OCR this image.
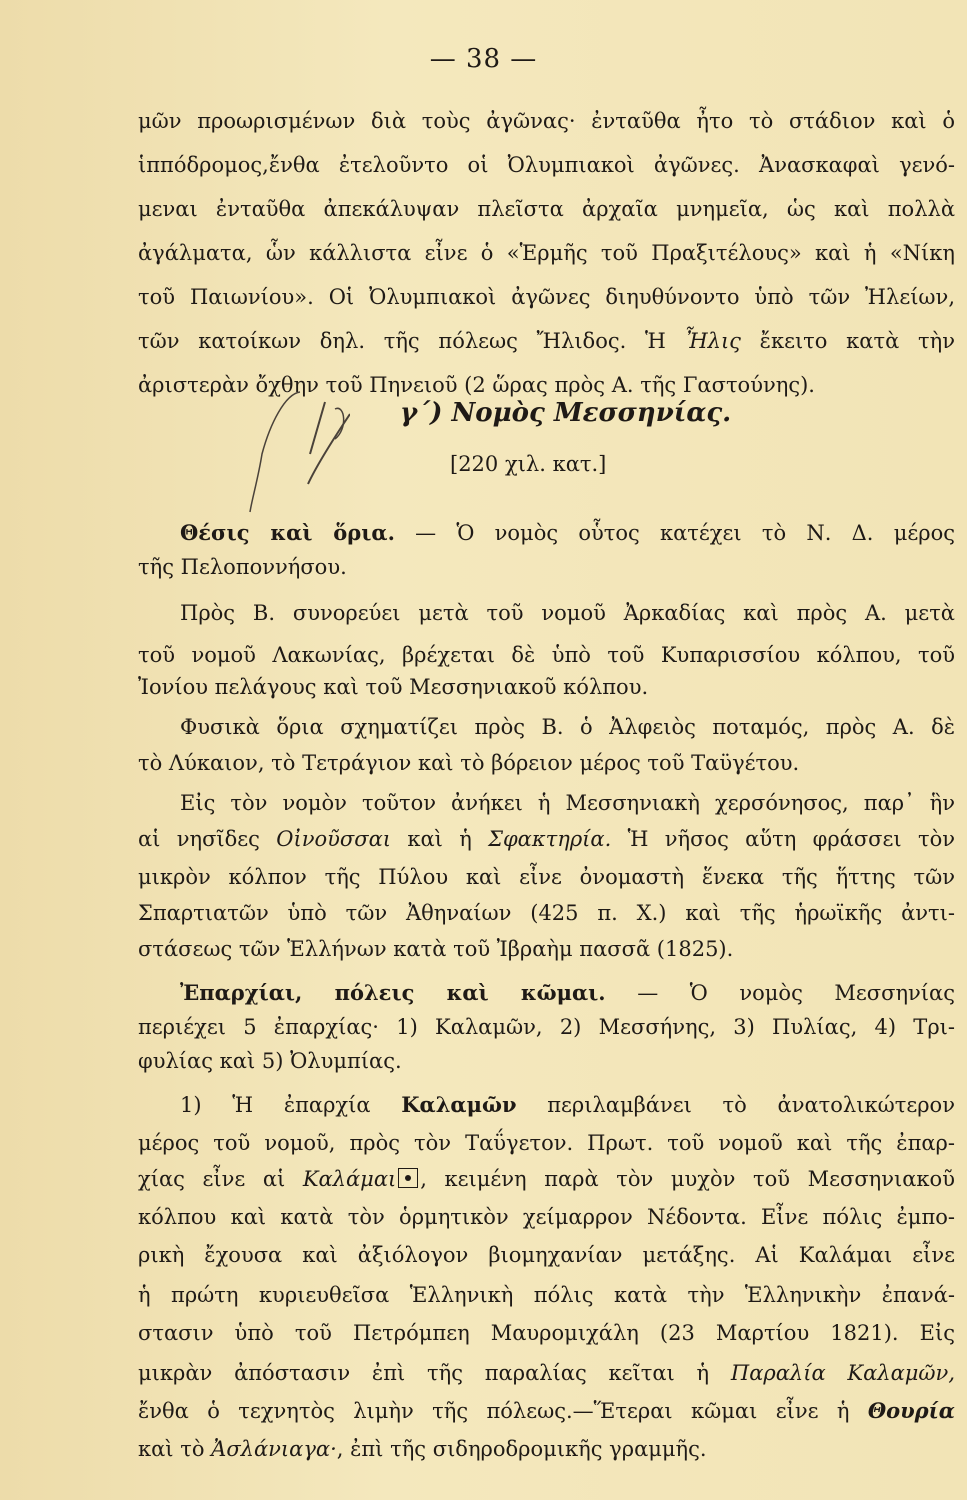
— 38 —
μῶν προωρισμένων διὰ τοὺς ἀγῶνας· ἐνταῦθα ἦτο τὸ στάδιον καὶ ὁ
ἱππόδρομος,ἔνθα ἐτελοῦντο οἱ Ὀλυμπιακοὶ ἀγῶνες. Ἀνασκαφαὶ γενό-
μεναι ἐνταῦθα ἀπεκάλυψαν πλεῖστα ἀρχαῖα μνημεῖα, ὡς καὶ πολλὰ
ἀγάλματα, ὧν κάλλιστα εἶνε ὁ «Ἑρμῆς τοῦ Πραξιτέλους» καὶ ἡ «Νίκη
τοῦ Παιωνίου». Οἱ Ὀλυμπιακοὶ ἀγῶνες διηυθύνοντο ὑπὸ τῶν Ἠλείων,
τῶν κατοίκων δηλ. τῆς πόλεως Ἤλιδος. Ἡ Ἦλις ἔκειτο κατὰ τὴν
ἀριστερὰν ὄχθην τοῦ Πηνειοῦ (2 ὥρας πρὸς Α. τῆς Γαστούνης).
γ΄) Νομὸς Μεσσηνίας.
[220 χιλ. κατ.]
Θέσις καὶ ὅρια. — Ὁ νομὸς οὗτος κατέχει τὸ Ν. Δ. μέρος
τῆς Πελοποννήσου.
Πρὸς Β. συνορεύει μετὰ τοῦ νομοῦ Ἀρκαδίας καὶ πρὸς Α. μετὰ
τοῦ νομοῦ Λακωνίας, βρέχεται δὲ ὑπὸ τοῦ Κυπαρισσίου κόλπου, τοῦ
Ἰονίου πελάγους καὶ τοῦ Μεσσηνιακοῦ κόλπου.
Φυσικὰ ὅρια σχηματίζει πρὸς Β. ὁ Ἀλφειὸς ποταμός, πρὸς Α. δὲ
τὸ Λύκαιον, τὸ Τετράγιον καὶ τὸ βόρειον μέρος τοῦ Ταϋγέτου.
Εἰς τὸν νομὸν τοῦτον ἀνήκει ἡ Μεσσηνιακὴ χερσόνησος, παρ᾿ ἣν
αἱ νησῖδες Οἰνοῦσσαι καὶ ἡ Σφακτηρία. Ἡ νῆσος αὕτη φράσσει τὸν
μικρὸν κόλπον τῆς Πύλου καὶ εἶνε ὀνομαστὴ ἕνεκα τῆς ἥττης τῶν
Σπαρτιατῶν ὑπὸ τῶν Ἀθηναίων (425 π. Χ.) καὶ τῆς ἡρωϊκῆς ἀντι-
στάσεως τῶν Ἑλλήνων κατὰ τοῦ Ἰβραὴμ πασσᾶ (1825).
Ἐπαρχίαι, πόλεις καὶ κῶμαι. — Ὁ νομὸς Μεσσηνίας
περιέχει 5 ἐπαρχίας· 1) Καλαμῶν, 2) Μεσσήνης, 3) Πυλίας, 4) Τρι-
φυλίας καὶ 5) Ὀλυμπίας.
1) Ἡ ἐπαρχία Καλαμῶν περιλαμβάνει τὸ ἀνατολικώτερον
μέρος τοῦ νομοῦ, πρὸς τὸν Ταΰγετον. Πρωτ. τοῦ νομοῦ καὶ τῆς ἐπαρ-
χίας εἶνε αἱ Καλάμαι , κειμένη παρὰ τὸν μυχὸν τοῦ Μεσσηνιακοῦ
κόλπου καὶ κατὰ τὸν ὁρμητικὸν χείμαρρον Νέδοντα. Εἶνε πόλις ἐμπο-
ρικὴ ἔχουσα καὶ ἀξιόλογον βιομηχανίαν μετάξης. Αἱ Καλάμαι εἶνε
ἡ πρώτη κυριευθεῖσα Ἑλληνικὴ πόλις κατὰ τὴν Ἑλληνικὴν ἐπανά-
στασιν ὑπὸ τοῦ Πετρόμπεη Μαυρομιχάλη (23 Μαρτίου 1821). Εἰς
μικρὰν ἀπόστασιν ἐπὶ τῆς παραλίας κεῖται ἡ Παραλία Καλαμῶν,
ἔνθα ὁ τεχνητὸς λιμὴν τῆς πόλεως.—Ἕτεραι κῶμαι εἶνε ἡ Θουρία
καὶ τὸ Ἀσλάνιαγα·, ἐπὶ τῆς σιδηροδρομικῆς γραμμῆς.
